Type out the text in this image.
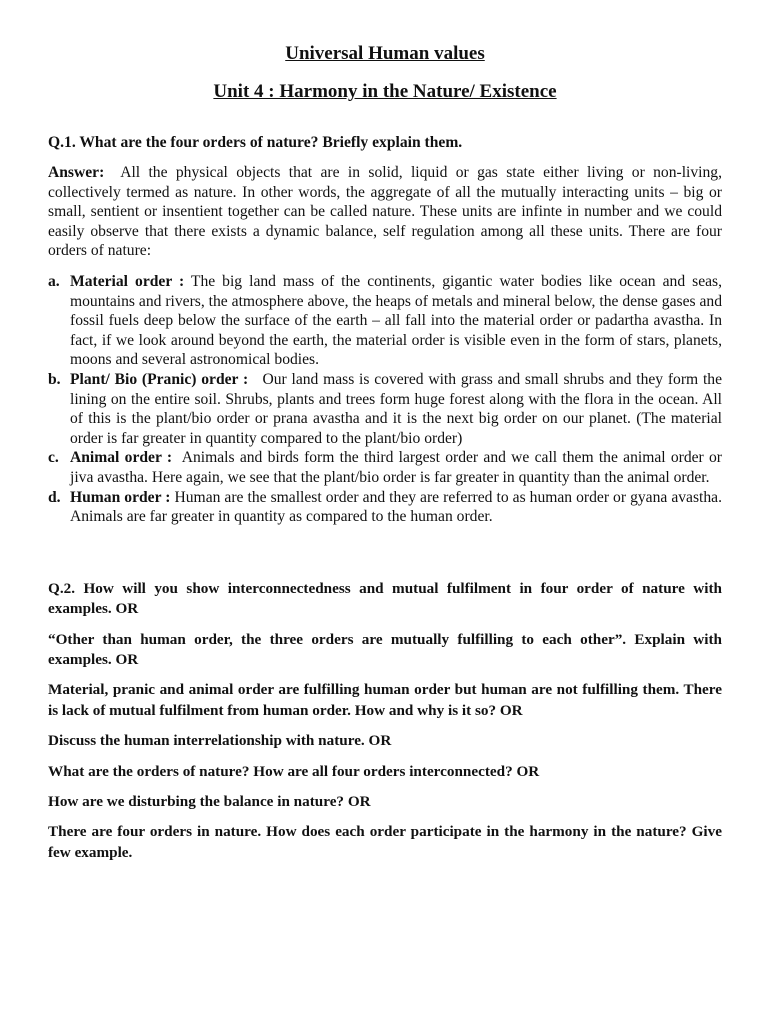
Universal Human values
Unit 4 : Harmony in the Nature/ Existence

Q.1. What are the four orders of nature? Briefly explain them.

Answer: All the physical objects that are in solid, liquid or gas state either living or non-living, collectively termed as nature. In other words, the aggregate of all the mutually interacting units – big or small, sentient or insentient together can be called nature. These units are infinte in number and we could easily observe that there exists a dynamic balance, self regulation among all these units. There are four orders of nature:

a. Material order : The big land mass of the continents, gigantic water bodies like ocean and seas, mountains and rivers, the atmosphere above, the heaps of metals and mineral below, the dense gases and fossil fuels deep below the surface of the earth – all fall into the material order or padartha avastha. In fact, if we look around beyond the earth, the material order is visible even in the form of stars, planets, moons and several astronomical bodies.
b. Plant/ Bio (Pranic) order : Our land mass is covered with grass and small shrubs and they form the lining on the entire soil. Shrubs, plants and trees form huge forest along with the flora in the ocean. All of this is the plant/bio order or prana avastha and it is the next big order on our planet. (The material order is far greater in quantity compared to the plant/bio order)
c. Animal order : Animals and birds form the third largest order and we call them the animal order or jiva avastha. Here again, we see that the plant/bio order is far greater in quantity than the animal order.
d. Human order : Human are the smallest order and they are referred to as human order or gyana avastha. Animals are far greater in quantity as compared to the human order.

Q.2. How will you show interconnectedness and mutual fulfilment in four order of nature with examples. OR

“Other than human order, the three orders are mutually fulfilling to each other”. Explain with examples. OR

Material, pranic and animal order are fulfilling human order but human are not fulfilling them. There is lack of mutual fulfilment from human order. How and why is it so? OR

Discuss the human interrelationship with nature. OR

What are the orders of nature? How are all four orders interconnected? OR

How are we disturbing the balance in nature? OR

There are four orders in nature. How does each order participate in the harmony in the nature? Give few example.
